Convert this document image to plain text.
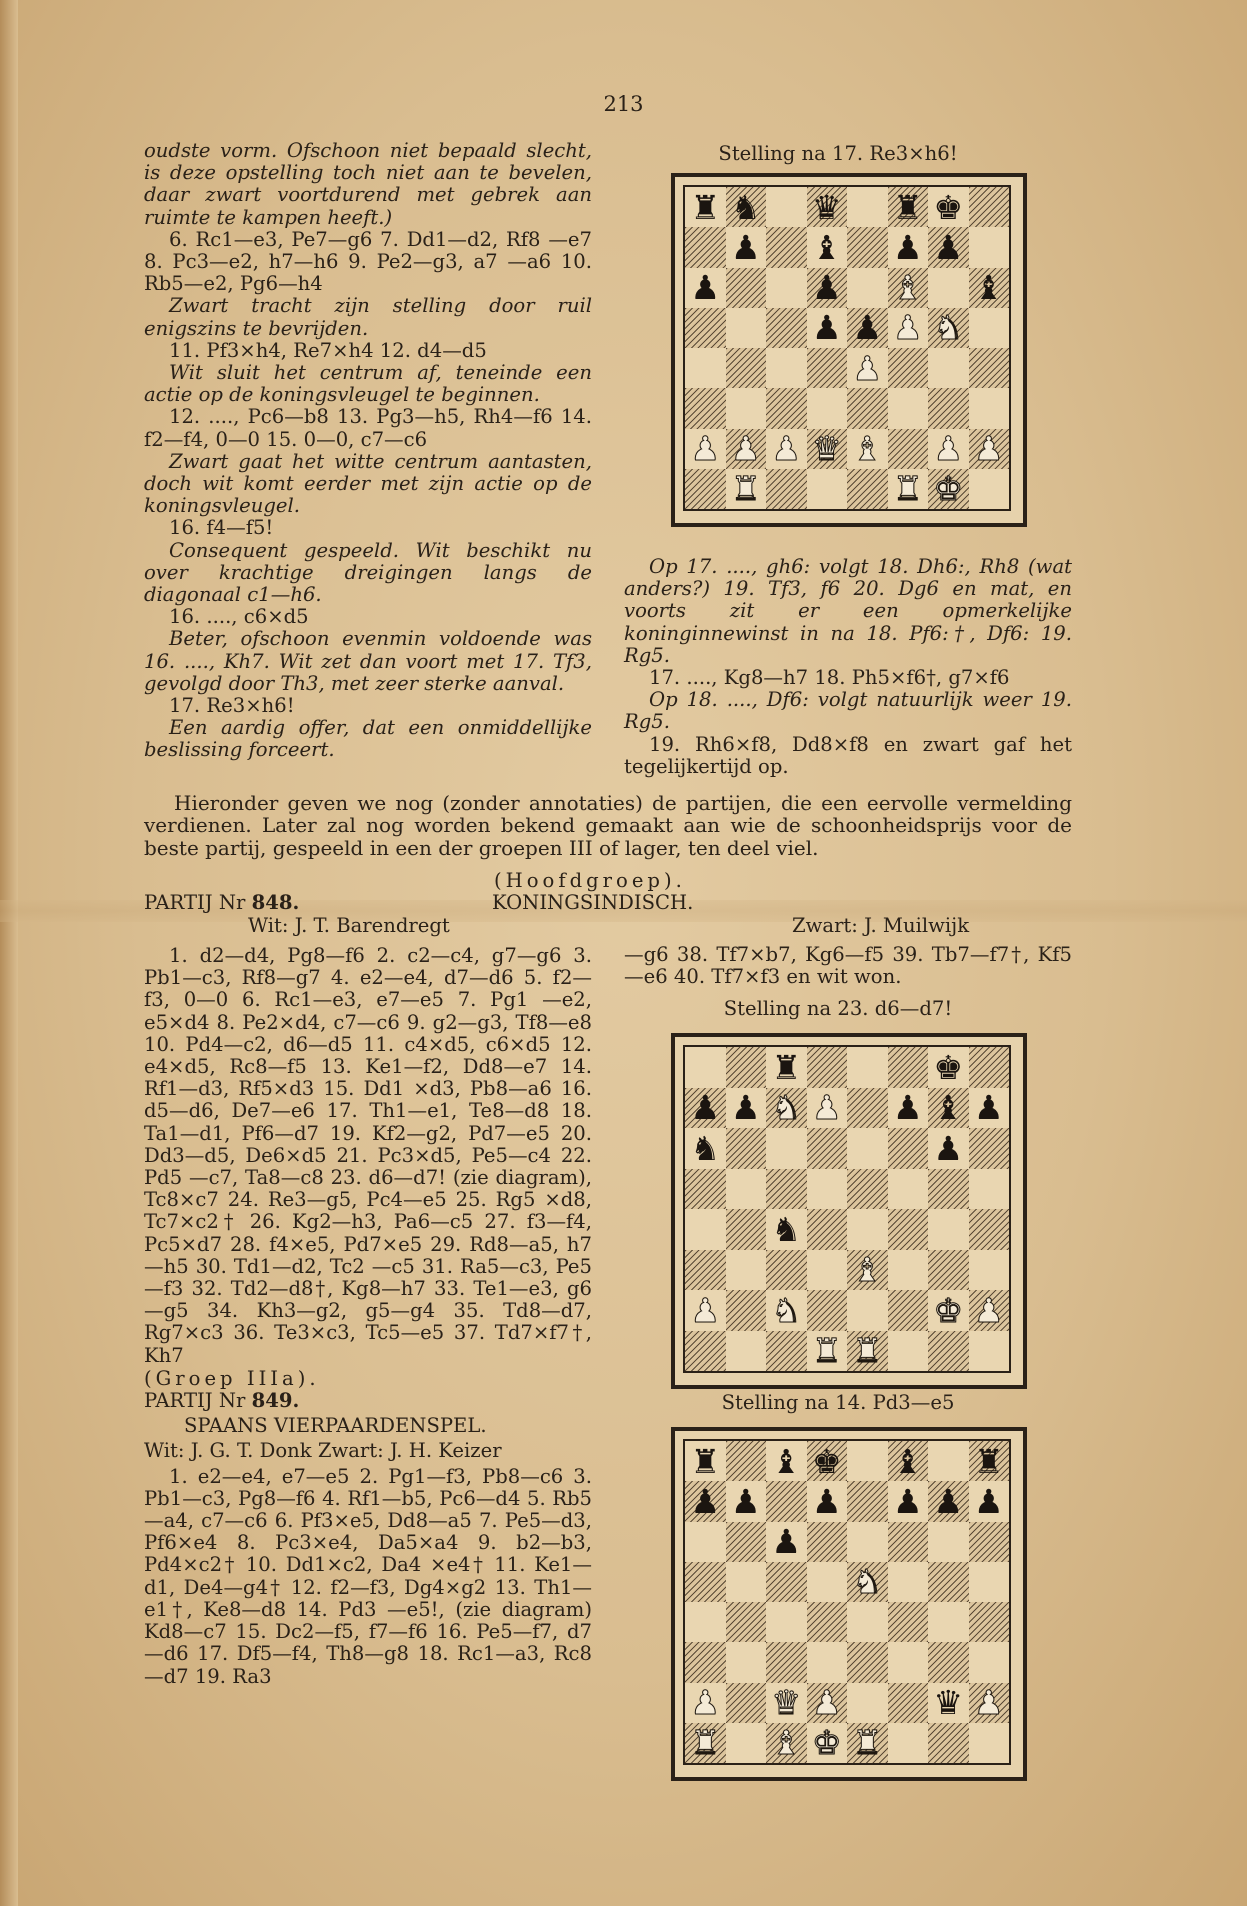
213

oudste vorm. Ofschoon niet bepaald slecht, is deze opstelling toch niet aan te bevelen, daar zwart voortdurend met gebrek aan ruimte te kampen heeft.)

6. Rc1—e3, Pe7—g6 7. Dd1—d2, Rf8 —e7 8. Pc3—e2, h7—h6 9. Pe2—g3, a7 —a6 10. Rb5—e2, Pg6—h4

Zwart tracht zijn stelling door ruil enigszins te bevrijden.

11. Pf3×h4, Re7×h4 12. d4—d5

Wit sluit het centrum af, teneinde een actie op de koningsvleugel te beginnen.

12. ...., Pc6—b8 13. Pg3—h5, Rh4—f6 14. f2—f4, 0—0 15. 0—0, c7—c6

Zwart gaat het witte centrum aantasten, doch wit komt eerder met zijn actie op de koningsvleugel.

16. f4—f5!

Consequent gespeeld. Wit beschikt nu over krachtige dreigingen langs de diagonaal c1—h6.

16. ...., c6×d5

Beter, ofschoon evenmin voldoende was 16. ...., Kh7. Wit zet dan voort met 17. Tf3, gevolgd door Th3, met zeer sterke aanval.

17. Re3×h6!

Een aardig offer, dat een onmiddellijke beslissing forceert.

Stelling na 17. Re3×h6!
♜ ♞ ♛ ♜ ♚
♟ ♝ ♟ ♟
♟	♟ ♝ ♝
♟ ♟ ♟ ♞
♟
♟ ♟ ♟ ♛ ♝ ♟ ♟
♜	♜ ♚

Op 17. ...., gh6: volgt 18. Dh6:, Rh8 (wat anders?) 19. Tf3, f6 20. Dg6 en mat, en voorts zit er een opmerkelijke koninginnewinst in na 18. Pf6:†, Df6: 19. Rg5.

17. ...., Kg8—h7 18. Ph5×f6†, g7×f6

Op 18. ...., Df6: volgt natuurlijk weer 19. Rg5.

19. Rh6×f8, Dd8×f8 en zwart gaf het tegelijkertijd op.

Hieronder geven we nog (zonder annotaties) de partijen, die een eervolle vermelding verdienen. Later zal nog worden bekend gemaakt aan wie de schoonheidsprijs voor de beste partij, gespeeld in een der groepen III of lager, ten deel viel.
(Hoofdgroep).
PARTIJ Nr 848.	KONINGSINDISCH.
Wit: J. T. Barendregt	Zwart: J. Muilwijk

1. d2—d4, Pg8—f6 2. c2—c4, g7—g6 3. Pb1—c3, Rf8—g7 4. e2—e4, d7—d6 5. f2—f3, 0—0 6. Rc1—e3, e7—e5 7. Pg1 —e2, e5×d4 8. Pe2×d4, c7—c6 9. g2—g3, Tf8—e8 10. Pd4—c2, d6—d5 11. c4×d5, c6×d5 12. e4×d5, Rc8—f5 13. Ke1—f2, Dd8—e7 14. Rf1—d3, Rf5×d3 15. Dd1 ×d3, Pb8—a6 16. d5—d6, De7—e6 17. Th1—e1, Te8—d8 18. Ta1—d1, Pf6—d7 19. Kf2—g2, Pd7—e5 20. Dd3—d5, De6×d5 21. Pc3×d5, Pe5—c4 22. Pd5 —c7, Ta8—c8 23. d6—d7! (zie diagram), Tc8×c7 24. Re3—g5, Pc4—e5 25. Rg5 ×d8, Tc7×c2† 26. Kg2—h3, Pa6—c5 27. f3—f4, Pc5×d7 28. f4×e5, Pd7×e5 29. Rd8—a5, h7—h5 30. Td1—d2, Tc2 —c5 31. Ra5—c3, Pe5—f3 32. Td2—d8†, Kg8—h7 33. Te1—e3, g6—g5 34. Kh3—g2, g5—g4 35. Td8—d7, Rg7×c3 36. Te3×c3, Tc5—e5 37. Td7×f7†, Kh7

(Groep IIIa).

PARTIJ Nr 849.

SPAANS VIERPAARDENSPEL.

Wit: J. G. T. Donk Zwart: J. H. Keizer

1. e2—e4, e7—e5 2. Pg1—f3, Pb8—c6 3. Pb1—c3, Pg8—f6 4. Rf1—b5, Pc6—d4 5. Rb5—a4, c7—c6 6. Pf3×e5, Dd8—a5 7. Pe5—d3, Pf6×e4 8. Pc3×e4, Da5×a4 9. b2—b3, Pd4×c2† 10. Dd1×c2, Da4 ×e4† 11. Ke1—d1, De4—g4† 12. f2—f3, Dg4×g2 13. Th1—e1†, Ke8—d8 14. Pd3 —e5!, (zie diagram) Kd8—c7 15. Dc2—f5, f7—f6 16. Pe5—f7, d7—d6 17. Df5—f4, Th8—g8 18. Rc1—a3, Rc8—d7 19. Ra3

—g6 38. Tf7×b7, Kg6—f5 39. Tb7—f7†, Kf5—e6 40. Tf7×f3 en wit won.
Stelling na 23. d6—d7!
♜	♚
♟ ♟ ♞ ♟ ♟ ♝ ♟
♞	♟
♞
♝
♟ ♞	♚ ♟
♜ ♜
Stelling na 14. Pd3—e5
♜ ♝ ♚ ♝ ♜
♟ ♟ ♟ ♟ ♟ ♟
♟
♞
♟ ♛ ♟	♛ ♟
♜ ♝ ♚ ♜
